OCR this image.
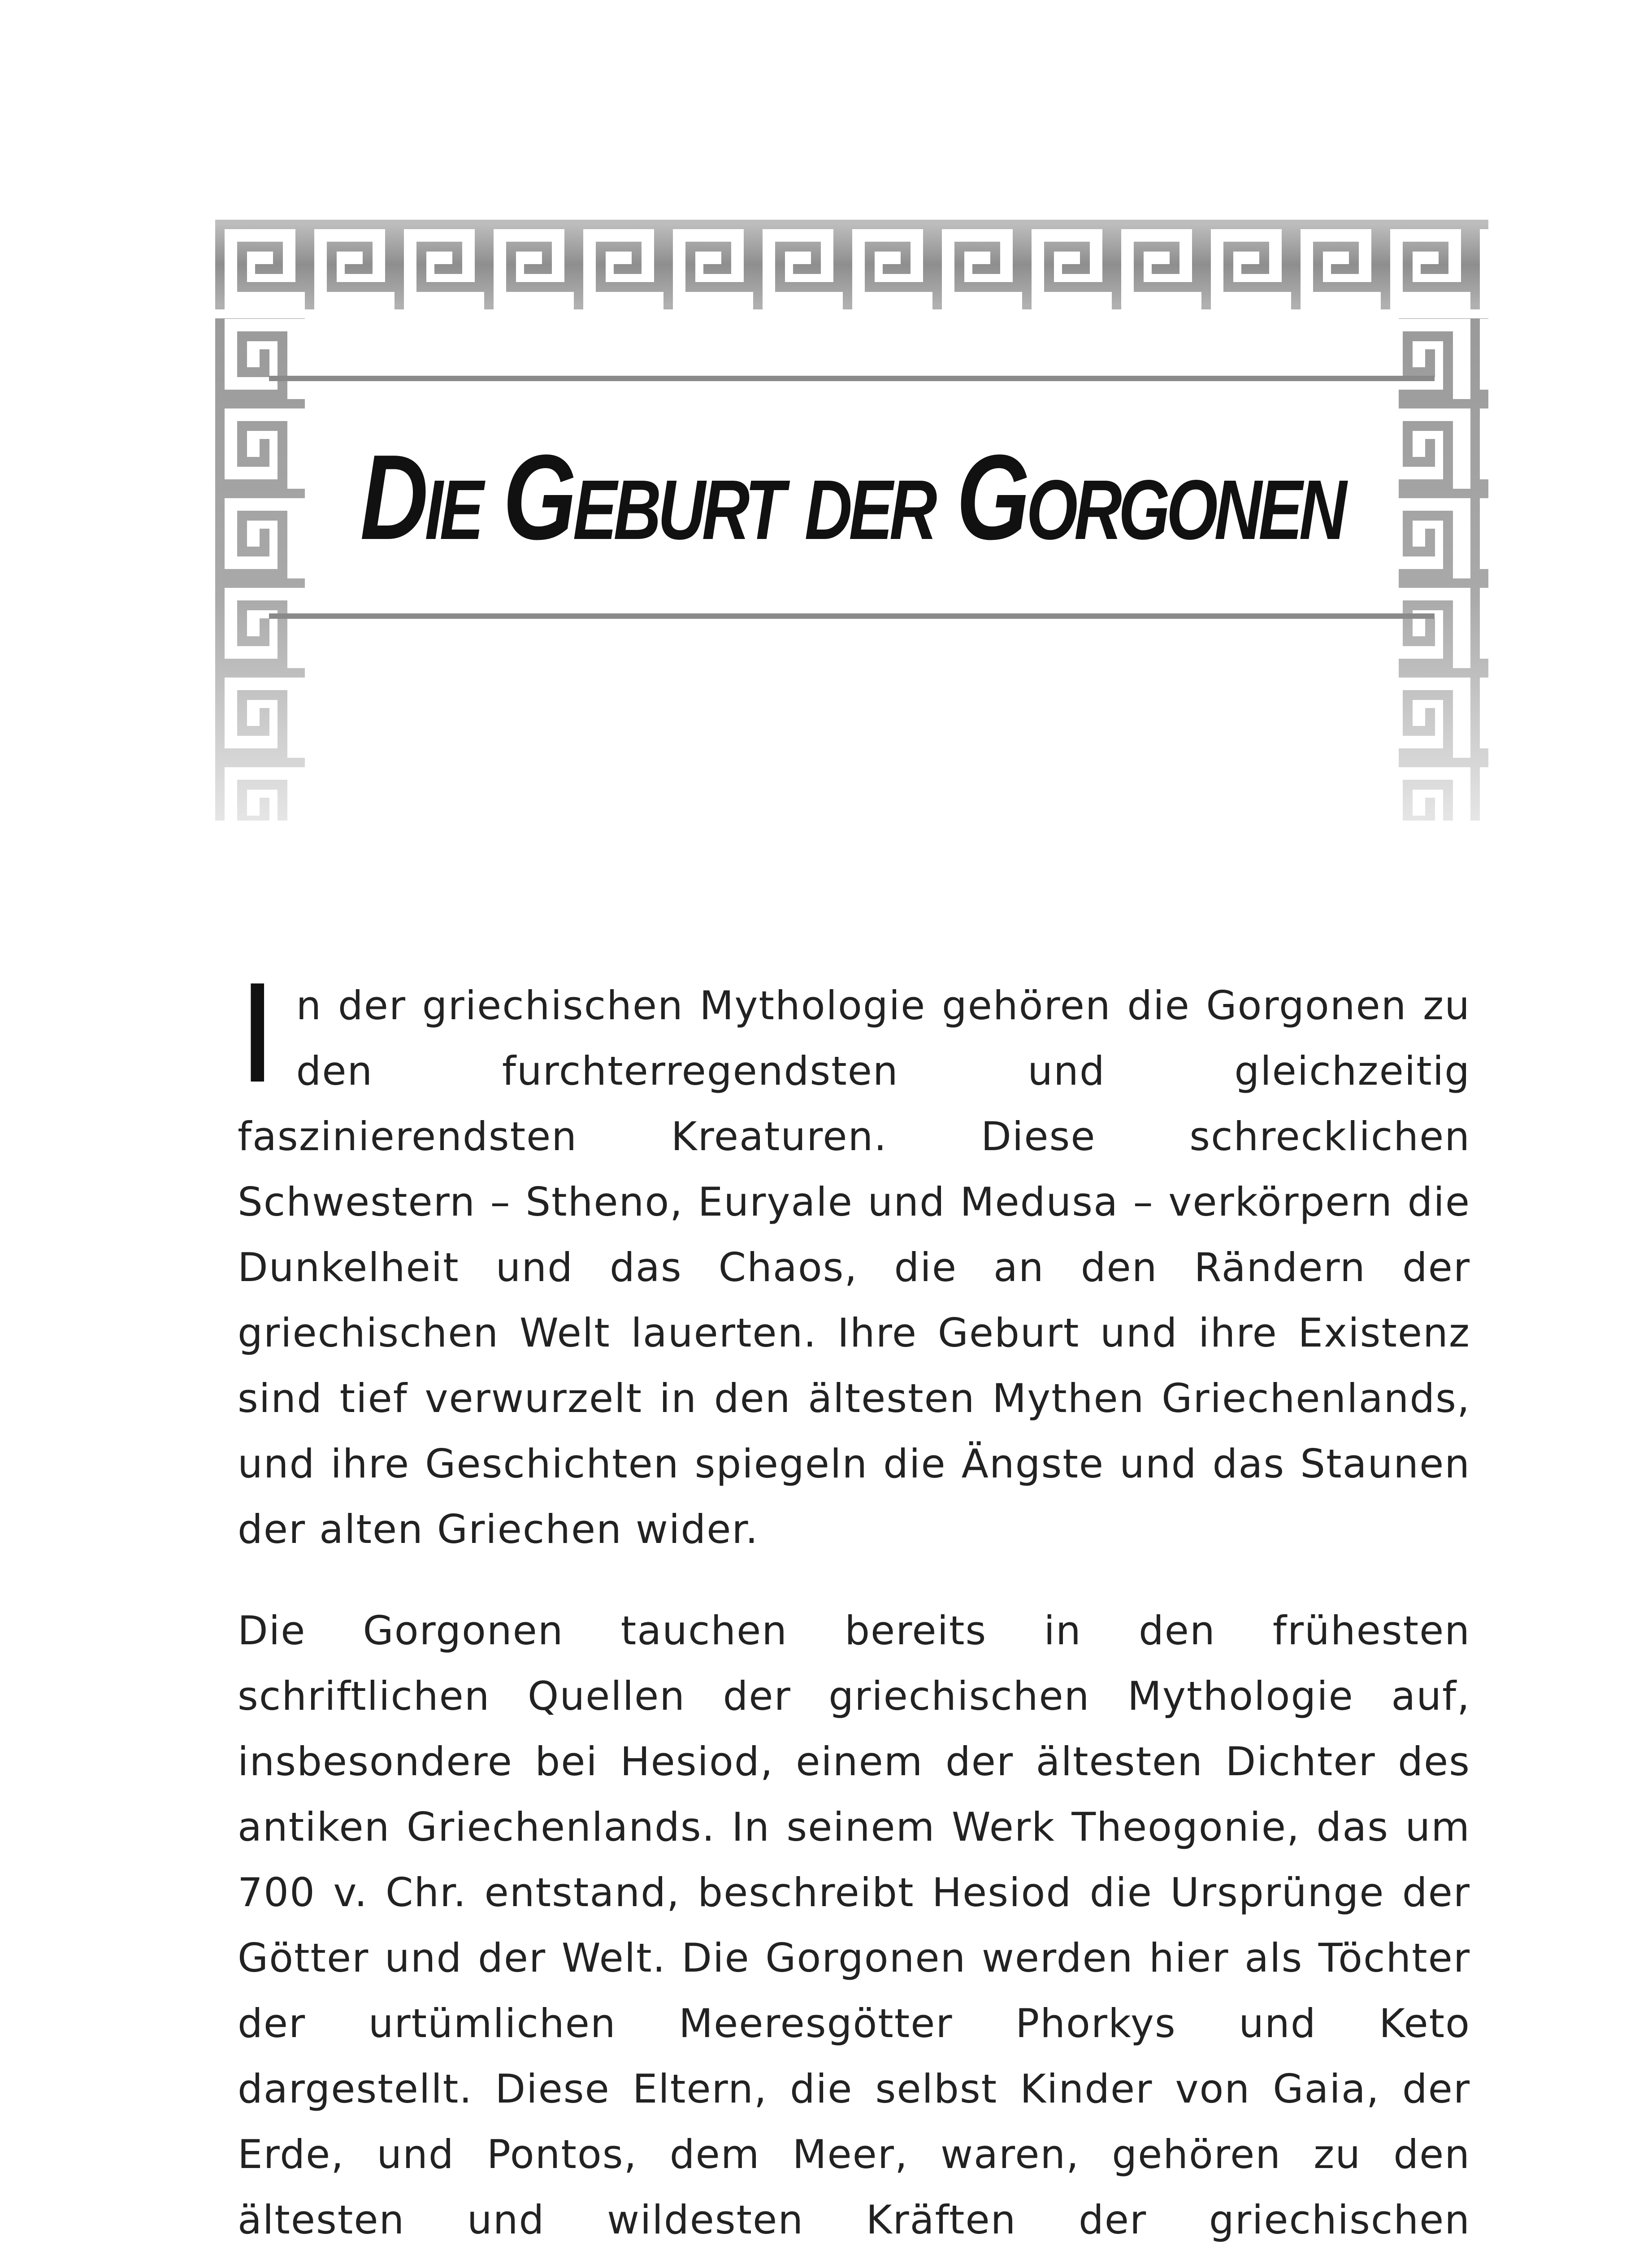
Die Geburt der Gorgonen

In der griechischen Mythologie gehören die Gorgonen zu den furchterregendsten und gleichzeitig faszinierendsten Kreaturen. Diese schrecklichen Schwestern – Stheno, Euryale und Medusa – verkörpern die Dunkelheit und das Chaos, die an den Rändern der griechischen Welt lauerten. Ihre Geburt und ihre Existenz sind tief verwurzelt in den ältesten Mythen Griechenlands, und ihre Geschichten spiegeln die Ängste und das Staunen der alten Griechen wider.

Die Gorgonen tauchen bereits in den frühesten schriftlichen Quellen der griechischen Mythologie auf, insbesondere bei Hesiod, einem der ältesten Dichter des antiken Griechenlands. In seinem Werk Theogonie, das um 700 v. Chr. entstand, beschreibt Hesiod die Ursprünge der Götter und der Welt. Die Gorgonen werden hier als Töchter der urtümlichen Meeresgötter Phorkys und Keto dargestellt. Diese Eltern, die selbst Kinder von Gaia, der Erde, und Pontos, dem Meer, waren, gehören zu den ältesten und wildesten Kräften der griechischen
